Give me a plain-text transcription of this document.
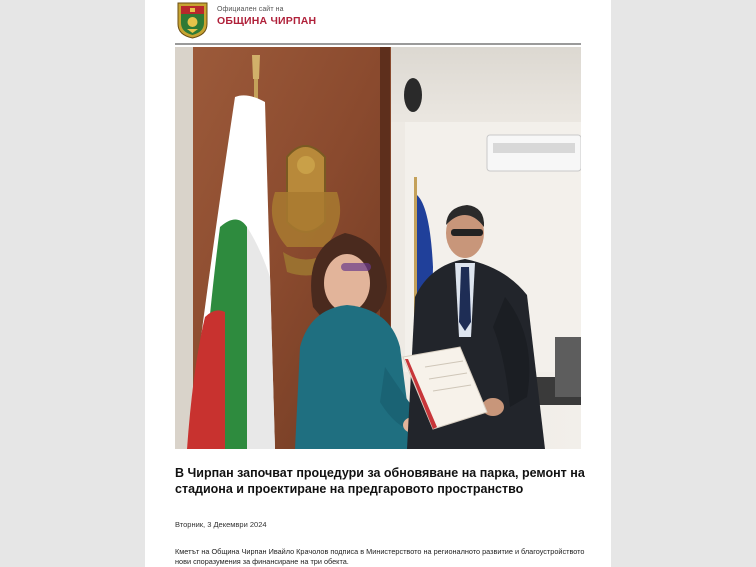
Официален сайт на
ОБЩИНА ЧИРПАН
В Чирпан започват процедури за обновяване на парка, ремонт на стадиона и проектиране на предгаровото пространство
Вторник, 3 Декември 2024

Кметът на Община Чирпан Ивайло Крачолов подписа в Министерството на регионалното развитие и благоустройството нови споразумения за финансиране на три обекта.
